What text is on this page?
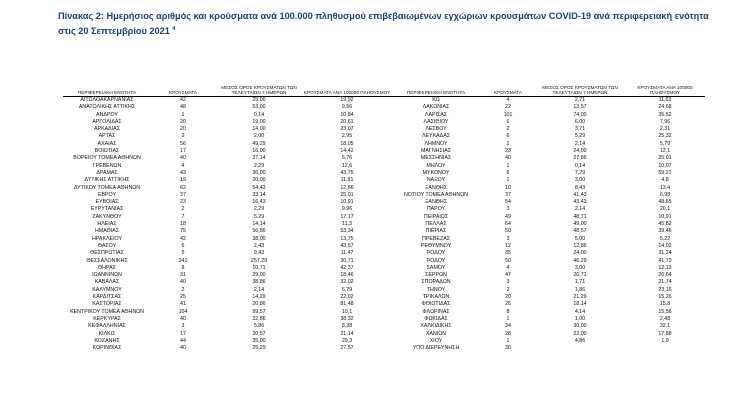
Πίνακας 2: Ημερήσιος αριθμός και κρούσματα ανά 100.000 πληθυσμού επιβεβαιωμένων εγχώριων κρουσμάτων COVID-19 ανά περιφερειακή ενότητα στις 20 Σεπτεμβρίου 2021 $^4$
ΠΕΡΙΦΕΡΕΙΑΚΗ ΕΝΟΤΗΤΑ	ΚΡΟΥΣΜΑΤΑ	ΜΕΣΟΣ ΟΡΟΣ ΚΡΟΥΣΜΑΤΩΝ ΤΩΝ ΤΕΛΕΥΤΑΙΩΝ 7 ΗΜΕΡΩΝ	ΚΡΟΥΣΜΑΤΑ ΑΝΑ 100000 ΠΛΗΘΥΣΜΟΥ	ΠΕΡΙΦΕΡΕΙΑΚΗ ΕΝΟΤΗΤΑ	ΚΡΟΥΣΜΑΤΑ	ΜΕΣΟΣ ΟΡΟΣ ΚΡΟΥΣΜΑΤΩΝ ΤΩΝ ΤΕΛΕΥΤΑΙΩΝ 7 ΗΜΕΡΩΝ	ΚΡΟΥΣΜΑΤΑ ΑΝΑ 100000 ΠΛΗΘΥΣΜΟΥ
ΑΙΤΩΛΟΑΚΑΡΝΑΝΙΑΣ	42	25,00	19,92	ΚΩ	4	2,71	11,63
ΑΝΑΤΟΛΙΚΗΣ ΑΤΤΙΚΗΣ	48	53,00	9,56	ΛΑΚΩΝΙΑΣ	22	13,57	24,68
ΑΝΔΡΟΥ	1	0,14	10,84	ΛΑΡΙΣΑΣ	101	74,00	35,52
ΑΡΓΟΛΙΔΑΣ	20	19,00	20,61	ΛΑΣΙΘΙΟΥ	6	6,00	7,96
ΑΡΚΑΔΙΑΣ	20	14,00	23,07	ΛΕΣΒΟΥ	2	3,71	2,31
ΑΡΤΑΣ	2	2,00	2,95	ΛΕΥΚΑΔΑΣ	6	5,29	25,32
ΑΧΑΪΑΣ	56	49,29	18,05	ΛΗΜΝΟΥ	1	2,14	5,79
ΒΟΙΩΤΙΑΣ	17	16,00	14,42	ΜΑΓΝΗΣΙΑΣ	23	24,00	12,1
ΒΟΡΕΙΟΥ ΤΟΜΕΑ ΑΘΗΝΩΝ	40	37,14	6,76	ΜΕΣΣΗΝΙΑΣ	40	27,86	25,01
ΓΡΕΒΕΝΩΝ	4	2,29	12,6	ΜΗΛΟΥ	1	0,14	10,07
ΔΡΑΜΑΣ	43	36,00	43,75	ΜΥΚΟΝΟΥ	6	7,29	59,21
ΔΥΤΙΚΗΣ ΑΤΤΙΚΗΣ	19	20,00	11,81	ΝΑΞΟΥ	1	3,00	4,8
ΔΥΤΙΚΟΥ ΤΟΜΕΑ ΑΘΗΝΩΝ	62	54,43	12,66	ΞΑΝΘΗΣ	10	8,43	13,4
ΕΒΡΟΥ	37	33,14	25,01	ΝΟΤΙΟΥ ΤΟΜΕΑ ΑΘΗΝΩΝ	37	41,43	6,98
ΕΥΒΟΙΑΣ	23	16,43	10,91	ΞΑΝΘΗΣ	54	43,43	48,55
ΕΥΡΥΤΑΝΙΑΣ	2	2,29	9,96	ΠΑΡΟΥ	3	2,14	20,1
ΖΑΚΥΝΘΟΥ	7	5,29	17,17	ΠΕΙΡΑΙΩΣ	49	48,71	10,91
ΗΛΕΙΑΣ	18	14,14	11,3	ΠΕΛΛΑΣ	64	49,00	45,82
ΗΜΑΘΙΑΣ	75	56,86	53,34	ΠΙΕΡΙΑΣ	50	48,57	39,46
ΗΡΑΚΛΕΙΟΥ	42	38,00	13,75	ΠΡΕΒΕΖΑΣ	3	5,00	5,22
ΘΑΣΟΥ	6	2,43	43,57	ΡΕΘΥΜΝΟΥ	12	12,86	14,02
ΘΕΣΠΡΩΤΙΑΣ	5	9,43	11,47	ΡΟΔΟΥ	35	24,00	31,24
ΘΕΣΣΑΛΟΝΙΚΗΣ	341	257,29	30,71	ΡΟΔΟΥ	50	46,29	41,73
ΘΗΡΑΣ	8	10,71	42,37	ΣΑΜΟΥ	4	3,00	12,13
ΙΩΑΝΝΙΝΩΝ	31	29,00	18,46	ΣΕΡΡΩΝ	47	26,71	26,64
ΚΑΒΑΛΑΣ	40	38,86	32,02	ΣΠΟΡΑΔΩΝ	3	1,71	21,74
ΚΑΛΥΜΝΟΥ	2	2,14	6,79	ΤΗΝΟΥ	2	1,86	23,16
ΚΑΡΔΙΤΣΑΣ	25	14,29	22,02	ΤΡΙΚΑΛΩΝ	20	21,29	15,26
ΚΑΣΤΟΡΙΑΣ	41	20,86	81,48	ΦΘΙΩΤΙΔΑΣ	25	18,14	15,8
ΚΕΝΤΡΙΚΟΥ ΤΟΜΕΑ ΑΘΗΝΩΝ	104	99,57	10,1	ΦΛΩΡΙΝΑΣ	8	4,14	15,56
ΚΕΡΚΥΡΑΣ	40	32,86	38,32	ΦΩΚΙΔΑΣ	1	1,00	2,48
ΚΕΦΑΛΛΗΝΙΑΣ	3	5,86	8,38	ΧΑΛΚΙΔΙΚΗΣ	34	30,00	32,1
ΚΙΛΚΙΣ	17	20,57	21,14	ΧΑΝΙΩΝ	28	22,00	17,88
ΚΟΖΑΝΗΣ	44	35,00	29,3	ΧΙΟΥ	1	4,86	1,9
ΚΟΡΙΝΘΙΑΣ	40	25,29	27,57	ΥΠΟ ΔΙΕΡΕΥΝΗΣΗ	30		
